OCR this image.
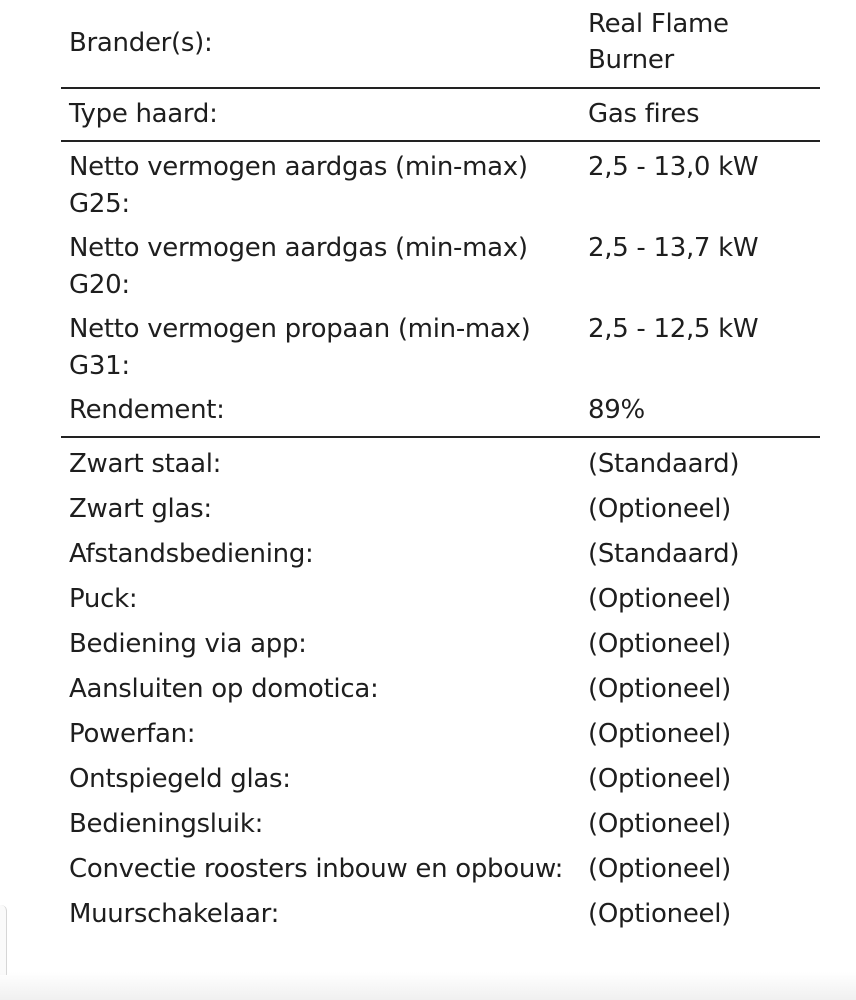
Brander(s):	Real Flame Burner
Type haard:	Gas fires
Netto vermogen aardgas (min-max) G25:	2,5 - 13,0 kW
Netto vermogen aardgas (min-max) G20:	2,5 - 13,7 kW
Netto vermogen propaan (min-max) G31:	2,5 - 12,5 kW
Rendement:	89%
Zwart staal:	(Standaard)
Zwart glas:	(Optioneel)
Afstandsbediening:	(Standaard)
Puck:	(Optioneel)
Bediening via app:	(Optioneel)
Aansluiten op domotica:	(Optioneel)
Powerfan:	(Optioneel)
Ontspiegeld glas:	(Optioneel)
Bedieningsluik:	(Optioneel)
Convectie roosters inbouw en opbouw:	(Optioneel)
Muurschakelaar:	(Optioneel)
